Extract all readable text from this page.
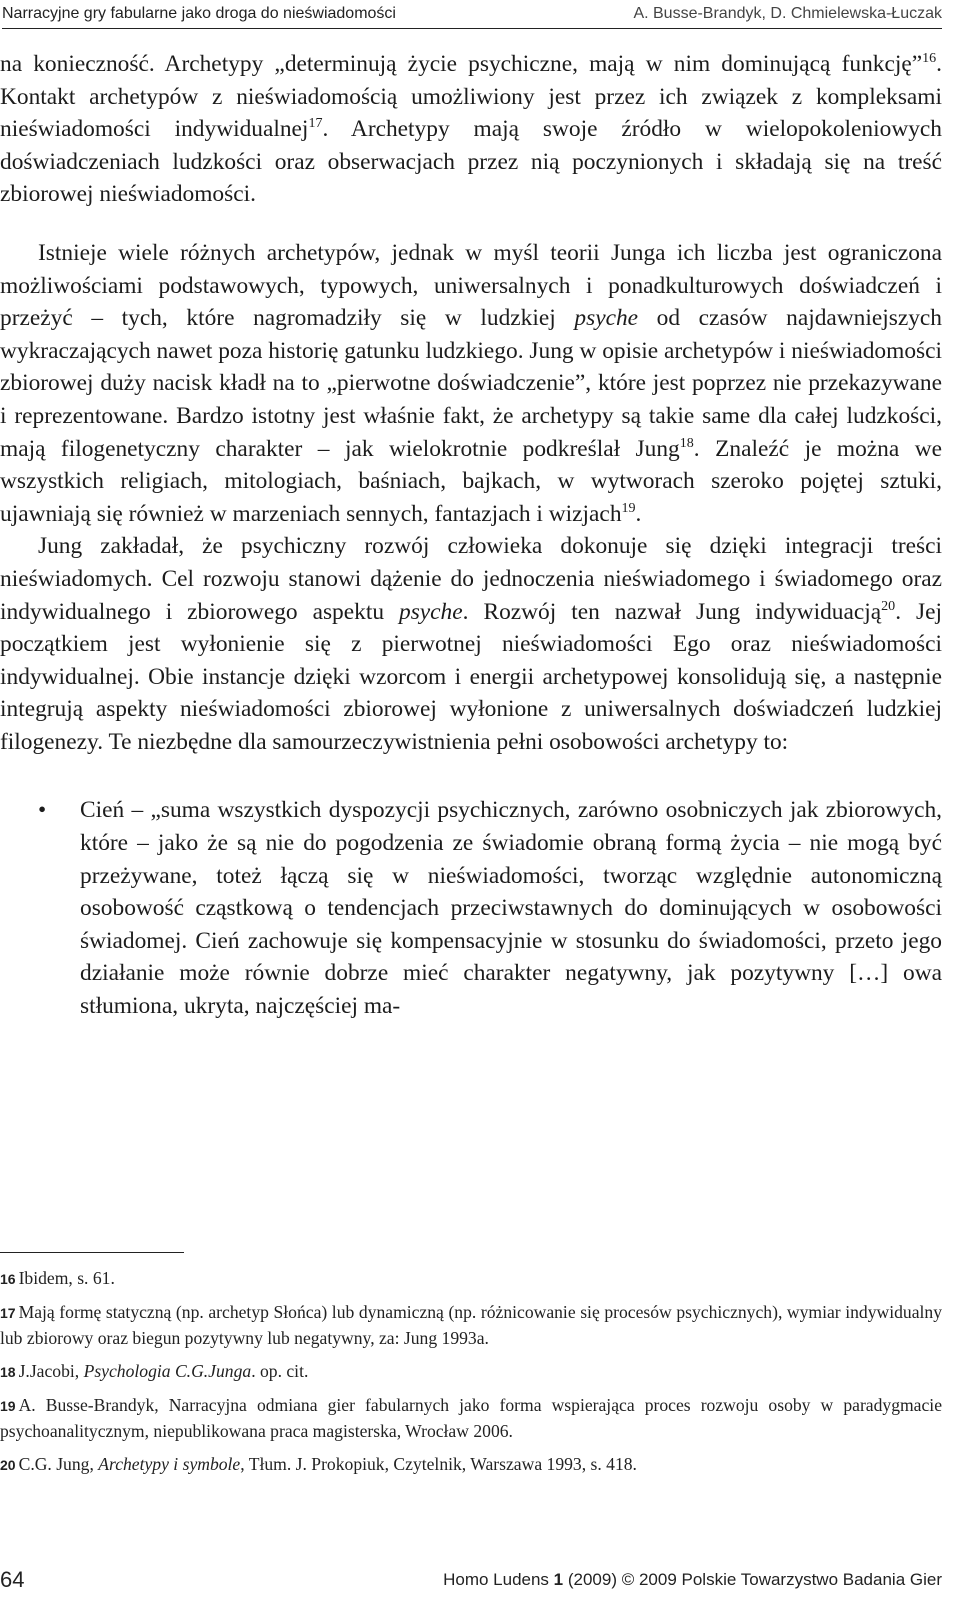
Narracyjne gry fabularne jako droga do nieświadomości	A. Busse-Brandyk, D. Chmielewska-Łuczak

na konieczność. Archetypy „determinują życie psychiczne, mają w nim dominującą funkcję”$^{16}$. Kontakt archetypów z nieświadomością umożliwiony jest przez ich związek z kompleksami nieświadomości indywidualnej$^{17}$. Archetypy mają swoje źródło w wielopokoleniowych doświadczeniach ludzkości oraz obserwacjach przez nią poczynionych i składają się na treść zbiorowej nieświadomości.

Istnieje wiele różnych archetypów, jednak w myśl teorii Junga ich liczba jest ograniczona możliwościami podstawowych, typowych, uniwersalnych i ponadkulturowych doświadczeń i przeżyć – tych, które nagromadziły się w ludzkiej psyche od czasów najdawniejszych wykraczających nawet poza historię gatunku ludzkiego. Jung w opisie archetypów i nieświadomości zbiorowej duży nacisk kładł na to „pierwotne doświadczenie”, które jest poprzez nie przekazywane i reprezentowane. Bardzo istotny jest właśnie fakt, że archetypy są takie same dla całej ludzkości, mają filogenetyczny charakter – jak wielokrotnie podkreślał Jung$^{18}$. Znaleźć je można we wszystkich religiach, mitologiach, baśniach, bajkach, w wytworach szeroko pojętej sztuki, ujawniają się również w marzeniach sennych, fantazjach i wizjach$^{19}$.

Jung zakładał, że psychiczny rozwój człowieka dokonuje się dzięki integracji treści nieświadomych. Cel rozwoju stanowi dążenie do jednoczenia nieświadomego i świadomego oraz indywidualnego i zbiorowego aspektu psyche. Rozwój ten nazwał Jung indywiduacją$^{20}$. Jej początkiem jest wyłonienie się z pierwotnej nieświadomości Ego oraz nieświadomości indywidualnej. Obie instancje dzięki wzorcom i energii archetypowej konsolidują się, a następnie integrują aspekty nieświadomości zbiorowej wyłonione z uniwersalnych doświadczeń ludzkiej filogenezy. Te niezbędne dla samourzeczywistnienia pełni osobowości archetypy to:

•	Cień – „suma wszystkich dyspozycji psychicznych, zarówno osobniczych jak zbiorowych, które – jako że są nie do pogodzenia ze świadomie obraną formą życia – nie mogą być przeżywane, toteż łączą się w nieświadomości, tworząc względnie autonomiczną osobowość cząstkową o tendencjach przeciwstawnych do dominujących w osobowości świadomej. Cień zachowuje się kompensacyjnie w stosunku do świadomości, przeto jego działanie może równie dobrze mieć charakter negatywny, jak pozytywny […] owa stłumiona, ukryta, najczęściej ma-
16 Ibidem, s. 61.
17 Mają formę statyczną (np. archetyp Słońca) lub dynamiczną (np. różnicowanie się procesów psychicznych), wymiar indywidualny lub zbiorowy oraz biegun pozytywny lub negatywny, za: Jung 1993a.
18 J.Jacobi, Psychologia C.G.Junga. op. cit.
19 A. Busse-Brandyk, Narracyjna odmiana gier fabularnych jako forma wspierająca proces rozwoju osoby w paradygmacie psychoanalitycznym, niepublikowana praca magisterska, Wrocław 2006.
20 C.G. Jung, Archetypy i symbole, Tłum. J. Prokopiuk, Czytelnik, Warszawa 1993, s. 418.
64	Homo Ludens 1 (2009) © 2009 Polskie Towarzystwo Badania Gier
